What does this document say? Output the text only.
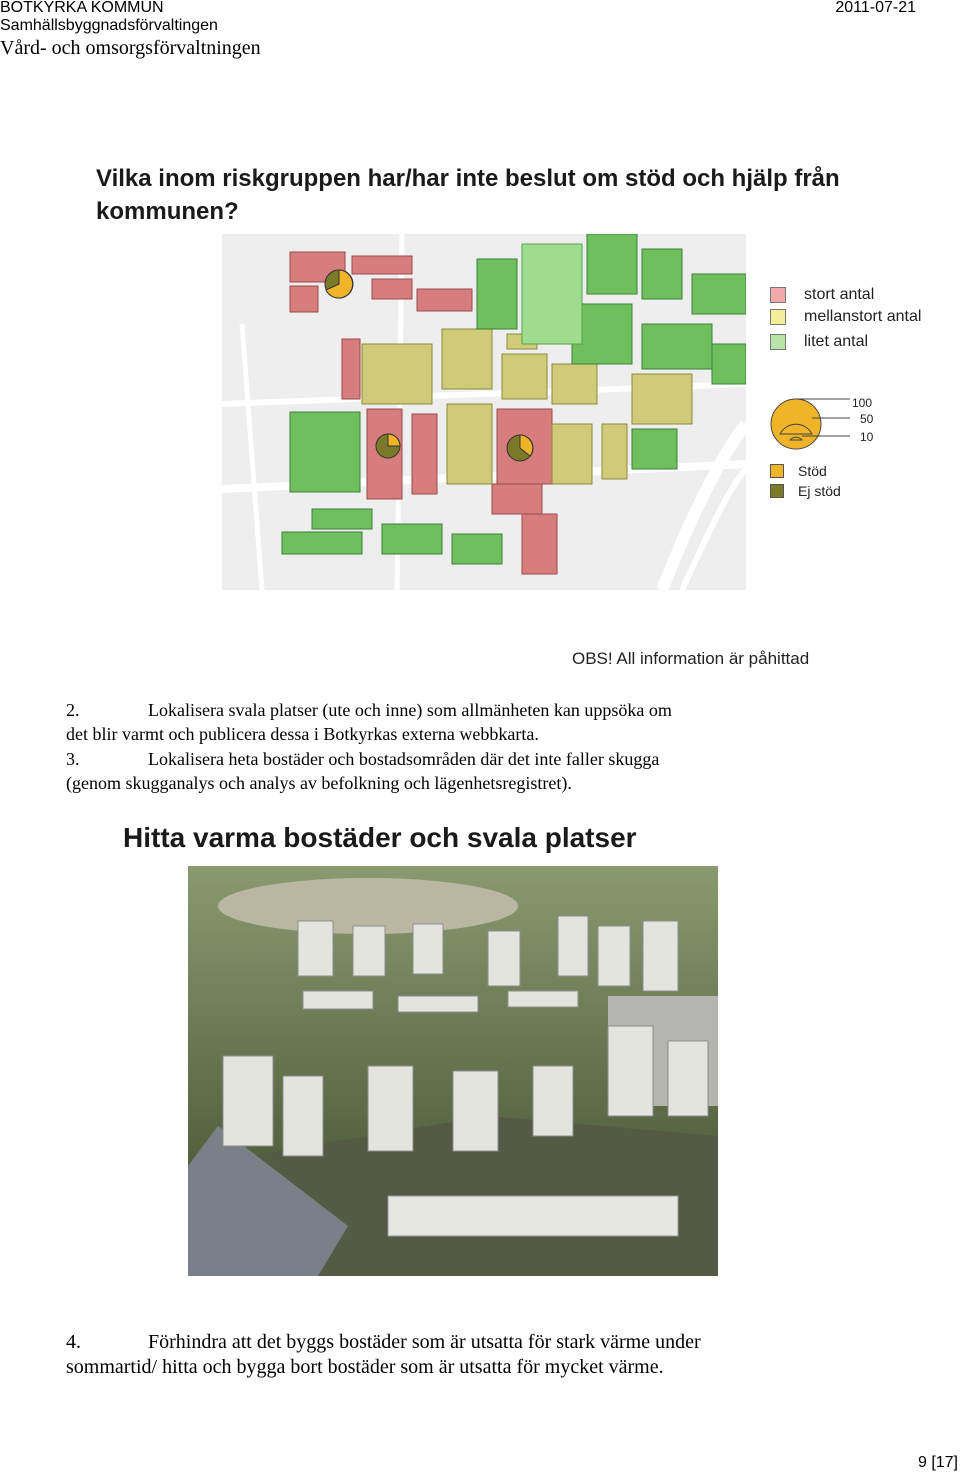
BOTKYRKA KOMMUN
Samhällsbyggnadsförvaltingen
2011-07-21
Vård- och omsorgsförvaltningen
Vilka inom riskgruppen har/har inte beslut om stöd och hjälp från kommunen?
stort antal
mellanstort antal
litet antal
100
50
10
Stöd
Ej stöd
OBS! All information är påhittad
2.	Lokalisera svala platser (ute och inne) som allmänheten kan uppsöka om
det blir varmt och publicera dessa i Botkyrkas externa webbkarta.
3.	Lokalisera heta bostäder och bostadsområden där det inte faller skugga
(genom skugganalys och analys av befolkning och lägenhetsregistret).
Hitta varma bostäder och svala platser
4.	Förhindra att det byggs bostäder som är utsatta för stark värme under
sommartid/ hitta och bygga bort bostäder som är utsatta för mycket värme.
9 [17]
